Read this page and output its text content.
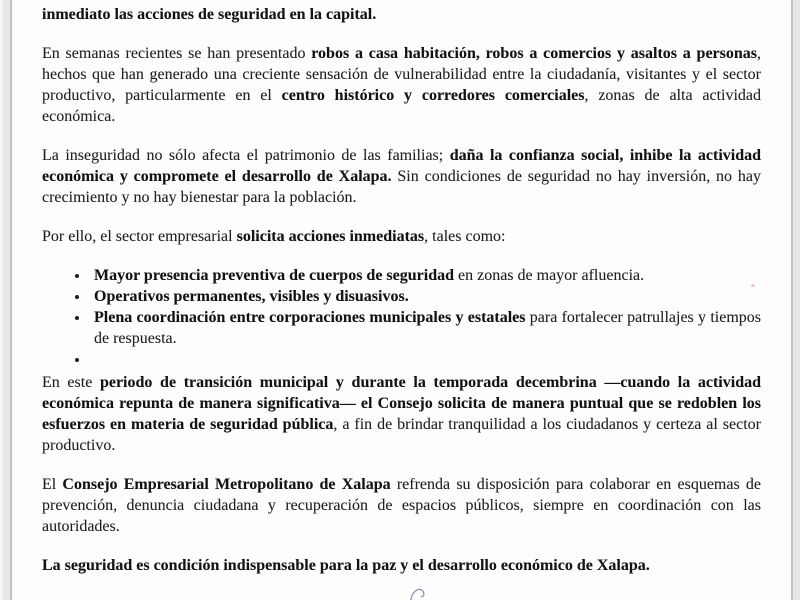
inmediato las acciones de seguridad en la capital.

En semanas recientes se han presentado robos a casa habitación, robos a comercios y asaltos a personas, hechos que han generado una creciente sensación de vulnerabilidad entre la ciudadanía, visitantes y el sector productivo, particularmente en el centro histórico y corredores comerciales, zonas de alta actividad económica.

La inseguridad no sólo afecta el patrimonio de las familias; daña la confianza social, inhibe la actividad económica y compromete el desarrollo de Xalapa. Sin condiciones de seguridad no hay inversión, no hay crecimiento y no hay bienestar para la población.

Por ello, el sector empresarial solicita acciones inmediatas, tales como:

• Mayor presencia preventiva de cuerpos de seguridad en zonas de mayor afluencia.
• Operativos permanentes, visibles y disuasivos.
• Plena coordinación entre corporaciones municipales y estatales para fortalecer patrullajes y tiempos de respuesta.
•

En este periodo de transición municipal y durante la temporada decembrina —cuando la actividad económica repunta de manera significativa— el Consejo solicita de manera puntual que se redoblen los esfuerzos en materia de seguridad pública, a fin de brindar tranquilidad a los ciudadanos y certeza al sector productivo.

El Consejo Empresarial Metropolitano de Xalapa refrenda su disposición para colaborar en esquemas de prevención, denuncia ciudadana y recuperación de espacios públicos, siempre en coordinación con las autoridades.

La seguridad es condición indispensable para la paz y el desarrollo económico de Xalapa.
